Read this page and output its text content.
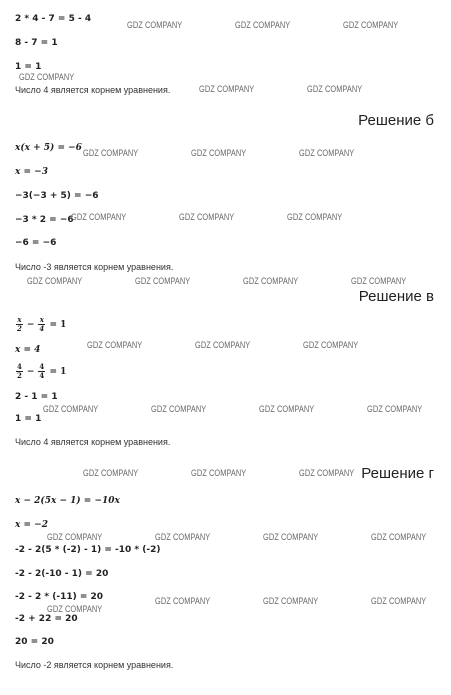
2 * 4 - 7 = 5 - 4
8 - 7 = 1
1 = 1
Число 4 является корнем уравнения.
Решение б
x(x + 5) = −6
x = −3
−3(−3 + 5) = −6
−3 * 2 = −6
−6 = −6
Число -3 является корнем уравнения.
Решение в
$\frac{x}{2} - \frac{x}{4} = 1$
x = 4
$\frac{4}{2} - \frac{4}{4} = 1$
2 - 1 = 1
1 = 1
Число 4 является корнем уравнения.
Решение г
x − 2(5x − 1) = −10x
x = −2
-2 - 2(5 * (-2) - 1) = -10 * (-2)
-2 - 2(-10 - 1) = 20
-2 - 2 * (-11) = 20
-2 + 22 = 20
20 = 20
Число -2 является корнем уравнения.
GDZ COMPANY	GDZ COMPANY	GDZ COMPANY
GDZ COMPANY
GDZ COMPANY	GDZ COMPANY
GDZ COMPANY	GDZ COMPANY	GDZ COMPANY
GDZ COMPANY	GDZ COMPANY	GDZ COMPANY
GDZ COMPANY	GDZ COMPANY	GDZ COMPANY	GDZ COMPANY
GDZ COMPANY	GDZ COMPANY	GDZ COMPANY
GDZ COMPANY	GDZ COMPANY	GDZ COMPANY	GDZ COMPANY
GDZ COMPANY	GDZ COMPANY	GDZ COMPANY
GDZ COMPANY	GDZ COMPANY	GDZ COMPANY	GDZ COMPANY
GDZ COMPANY
GDZ COMPANY	GDZ COMPANY	GDZ COMPANY
